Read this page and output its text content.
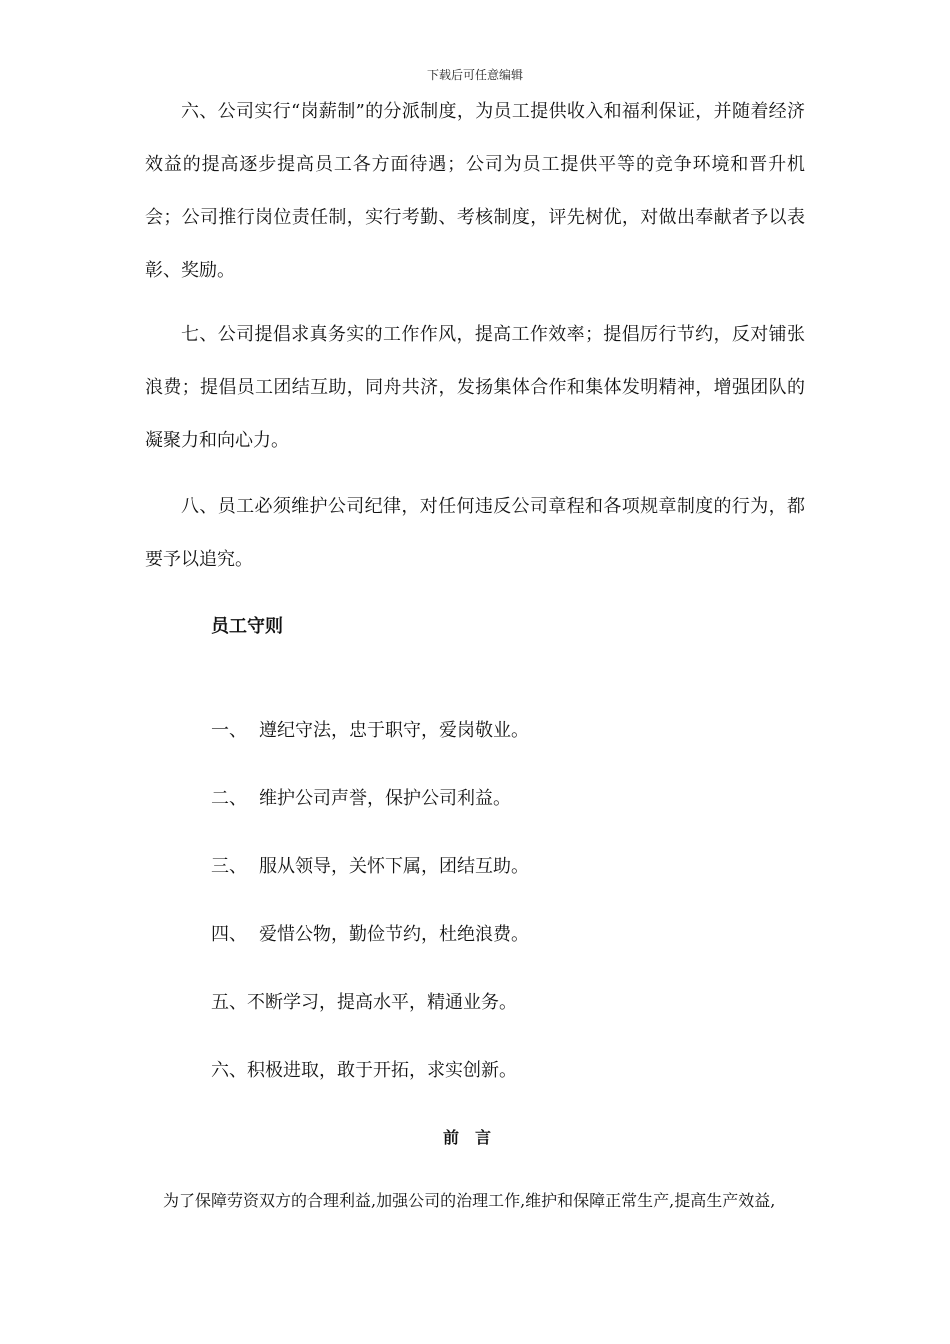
下载后可任意编辑

六、公司实行“岗薪制”的分派制度，为员工提供收入和福利保证，并随着经济效益的提高逐步提高员工各方面待遇；公司为员工提供平等的竞争环境和晋升机会；公司推行岗位责任制，实行考勤、考核制度，评先树优，对做出奉献者予以表彰、奖励。

七、公司提倡求真务实的工作作风，提高工作效率；提倡厉行节约，反对铺张浪费；提倡员工团结互助，同舟共济，发扬集体合作和集体发明精神，增强团队的凝聚力和向心力。

八、员工必须维护公司纪律，对任何违反公司章程和各项规章制度的行为，都要予以追究。

员工守则

一、 遵纪守法，忠于职守，爱岗敬业。

二、 维护公司声誉，保护公司利益。

三、 服从领导，关怀下属，团结互助。

四、 爱惜公物，勤俭节约，杜绝浪费。

五、不断学习，提高水平，精通业务。

六、积极进取，敢于开拓，求实创新。

前言

为了保障劳资双方的合理利益,加强公司的治理工作,维护和保障正常生产,提高生产效益,
